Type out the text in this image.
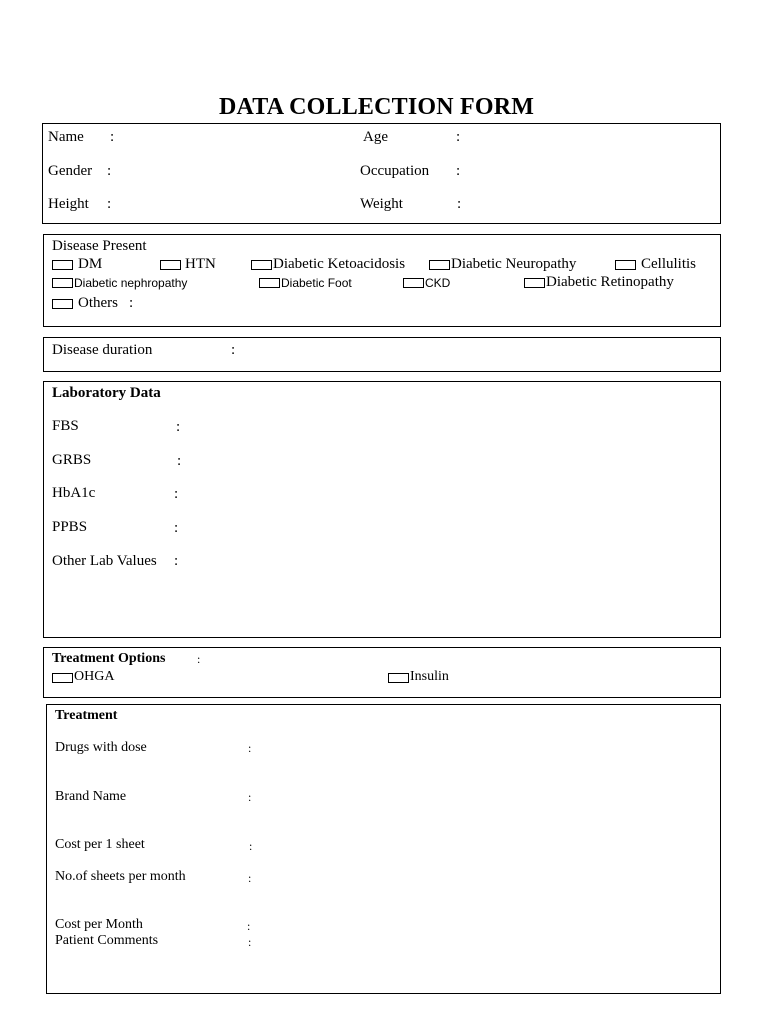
DATA COLLECTION FORM
Name :	Age	:
Gender :	Occupation :
Height :	Weight	:
Disease Present
DM	HTN	Diabetic Ketoacidosis	Diabetic Neuropathy	Cellulitis
Diabetic nephropathy	Diabetic Foot	CKD	Diabetic Retinopathy
Others :
Disease duration	:
Laboratory Data
FBS	:
GRBS	:
HbA1c	:
PPBS	:
Other Lab Values :
Treatment Options	:
OHGA	Insulin
Treatment
Drugs with dose	:
Brand Name	:
Cost per 1 sheet	:
No.of sheets per month	:
Cost per Month	:
Patient Comments	:
